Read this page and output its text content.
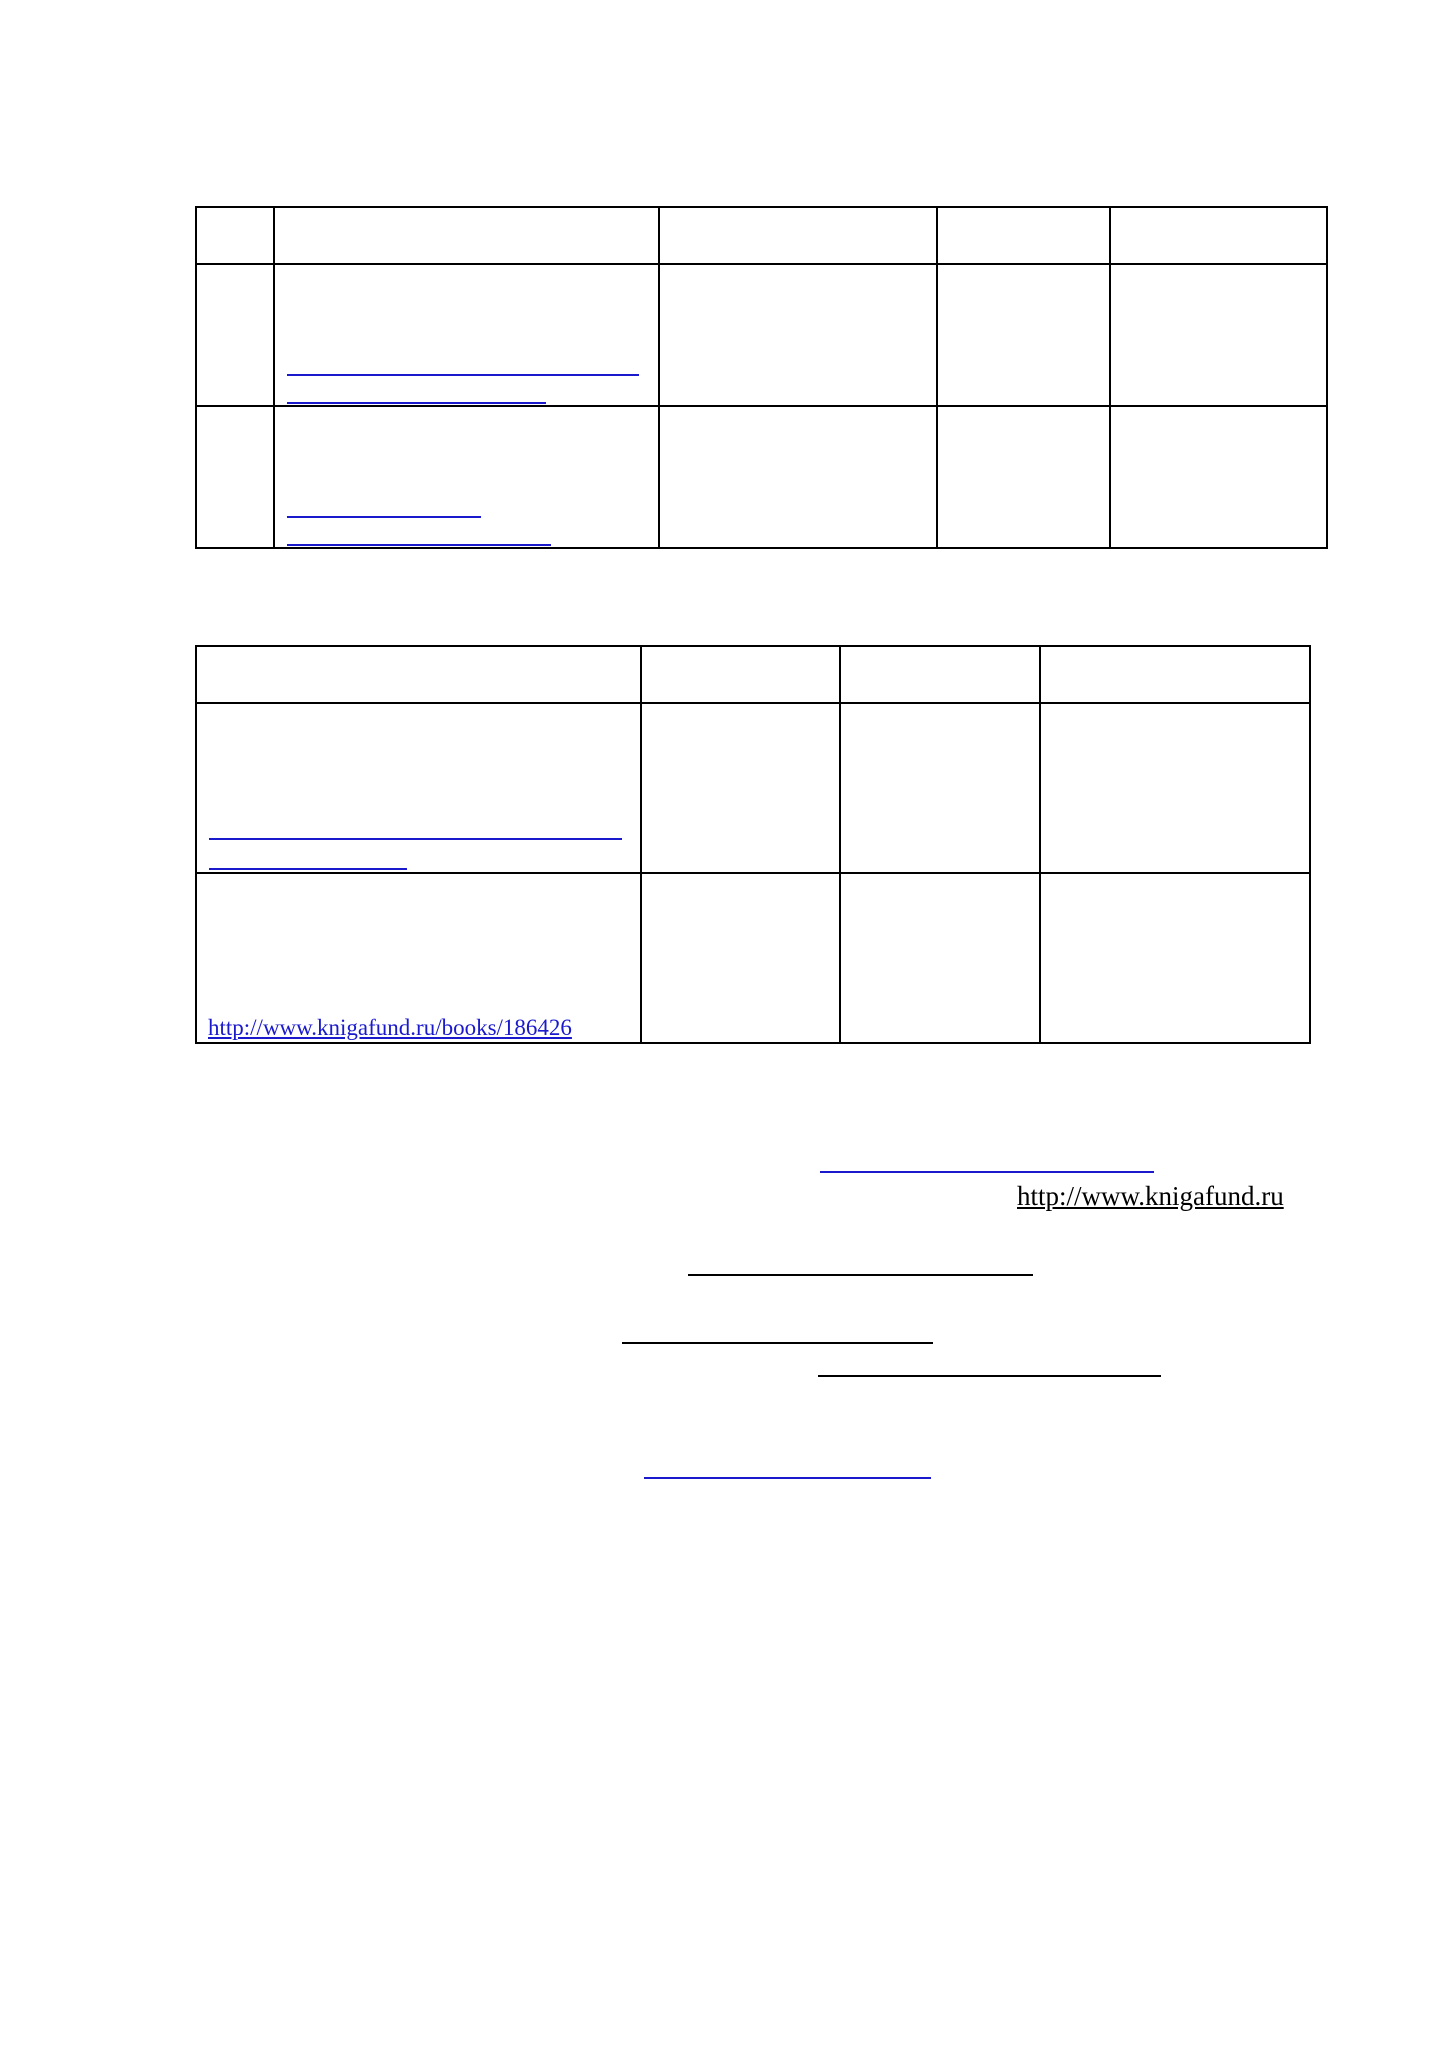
http://www.knigafund.ru/books/186426
http://www.knigafund.ru
